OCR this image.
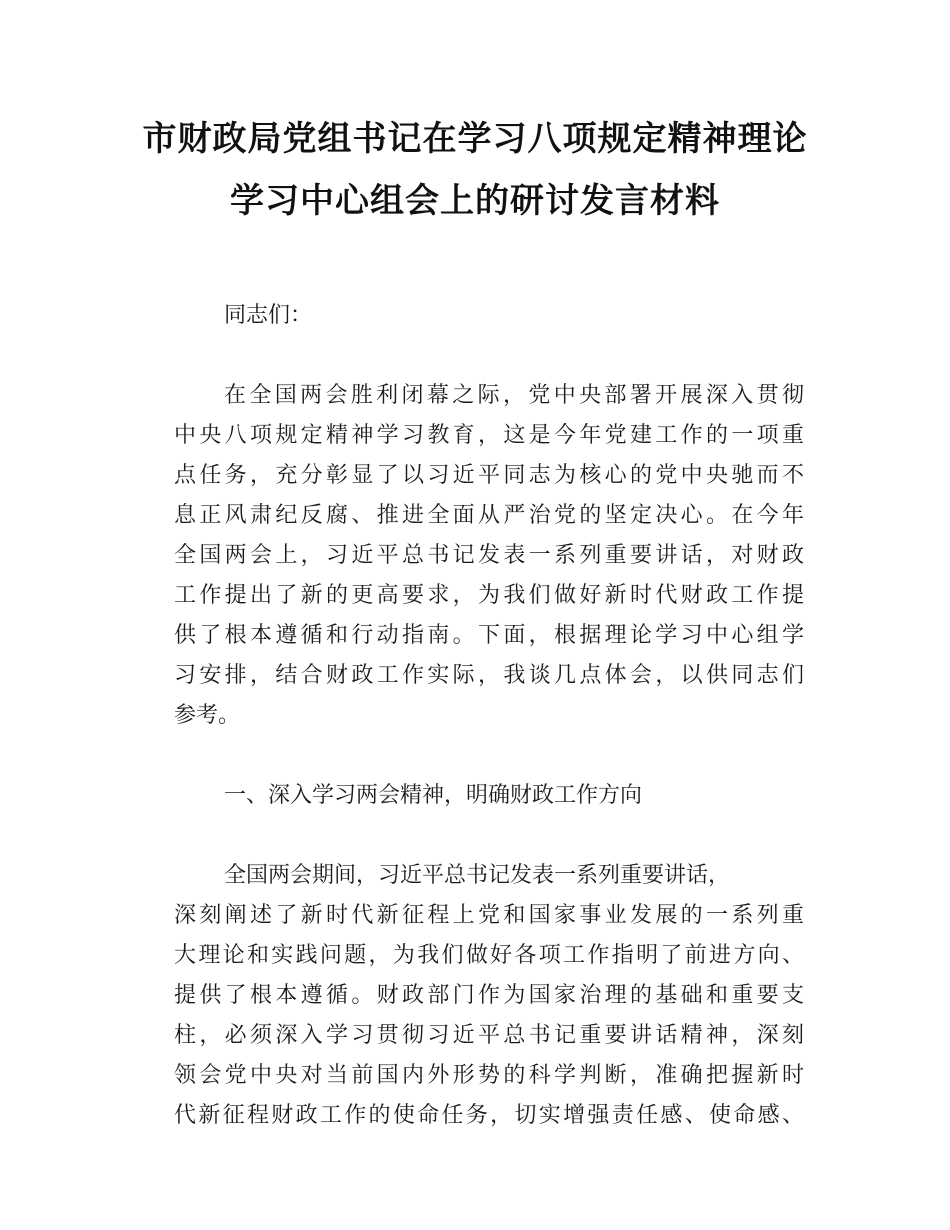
市财政局党组书记在学习八项规定精神理论
学习中心组会上的研讨发言材料
同志们：
在全国两会胜利闭幕之际，党中央部署开展深入贯彻
中央八项规定精神学习教育，这是今年党建工作的一项重
点任务，充分彰显了以习近平同志为核心的党中央驰而不
息正风肃纪反腐、推进全面从严治党的坚定决心。在今年
全国两会上，习近平总书记发表一系列重要讲话，对财政
工作提出了新的更高要求，为我们做好新时代财政工作提
供了根本遵循和行动指南。下面，根据理论学习中心组学
习安排，结合财政工作实际，我谈几点体会，以供同志们
参考。
一、深入学习两会精神，明确财政工作方向
全国两会期间，习近平总书记发表一系列重要讲话，
深刻阐述了新时代新征程上党和国家事业发展的一系列重
大理论和实践问题，为我们做好各项工作指明了前进方向、
提供了根本遵循。财政部门作为国家治理的基础和重要支
柱，必须深入学习贯彻习近平总书记重要讲话精神，深刻
领会党中央对当前国内外形势的科学判断，准确把握新时
代新征程财政工作的使命任务，切实增强责任感、使命感、
